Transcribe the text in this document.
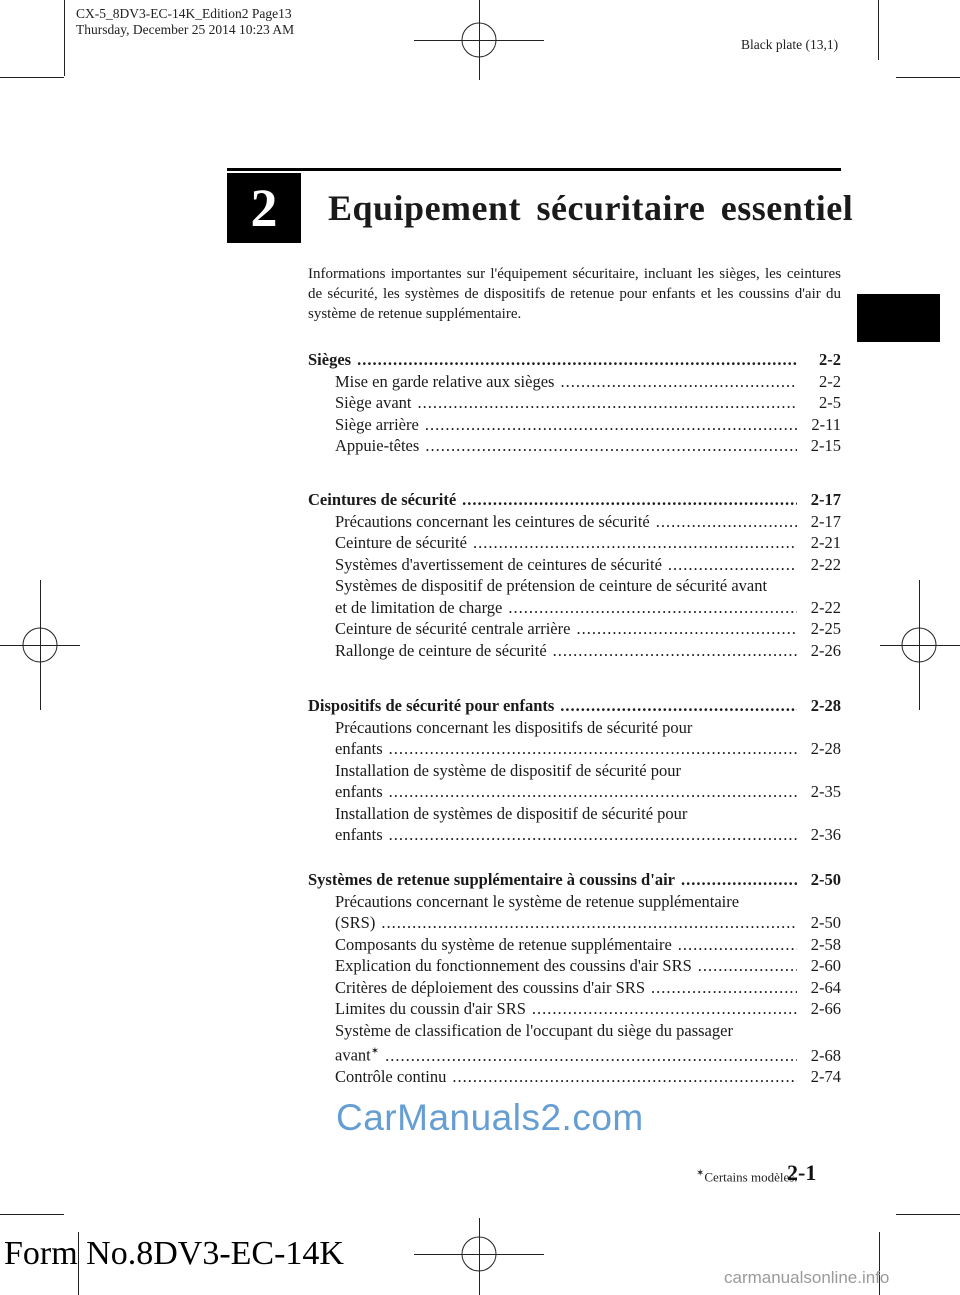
CX-5_8DV3-EC-14K_Edition2 Page13
Thursday, December 25 2014 10:23 AM
Black plate (13,1)
2	Equipement sécuritaire essentiel
Informations importantes sur l'équipement sécuritaire, incluant les sièges, les ceintures de sécurité, les systèmes de dispositifs de retenue pour enfants et les coussins d'air du système de retenue supplémentaire.
Sièges .....	2-2
Mise en garde relative aux sièges .....	2-2
Siège avant .....	2-5
Siège arrière .....	2-11
Appuie-têtes .....	2-15
Ceintures de sécurité .....	2-17
Précautions concernant les ceintures de sécurité .....	2-17
Ceinture de sécurité .....	2-21
Systèmes d'avertissement de ceintures de sécurité .....	2-22
Systèmes de dispositif de prétension de ceinture de sécurité avant
et de limitation de charge .....	2-22
Ceinture de sécurité centrale arrière .....	2-25
Rallonge de ceinture de sécurité .....	2-26
Dispositifs de sécurité pour enfants .....	2-28
Précautions concernant les dispositifs de sécurité pour
enfants .....	2-28
Installation de système de dispositif de sécurité pour
enfants .....	2-35
Installation de systèmes de dispositif de sécurité pour
enfants .....	2-36
Systèmes de retenue supplémentaire à coussins d'air .....	2-50
Précautions concernant le système de retenue supplémentaire
(SRS) .....	2-50
Composants du système de retenue supplémentaire .....	2-58
Explication du fonctionnement des coussins d'air SRS .....	2-60
Critères de déploiement des coussins d'air SRS .....	2-64
Limites du coussin d'air SRS .....	2-66
Système de classification de l'occupant du siège du passager
avant✶ .....	2-68
Contrôle continu .....	2-74
CarManuals2.com
✶Certains modèles.
2-1
Form No.8DV3-EC-14K
carmanualsonline.info
